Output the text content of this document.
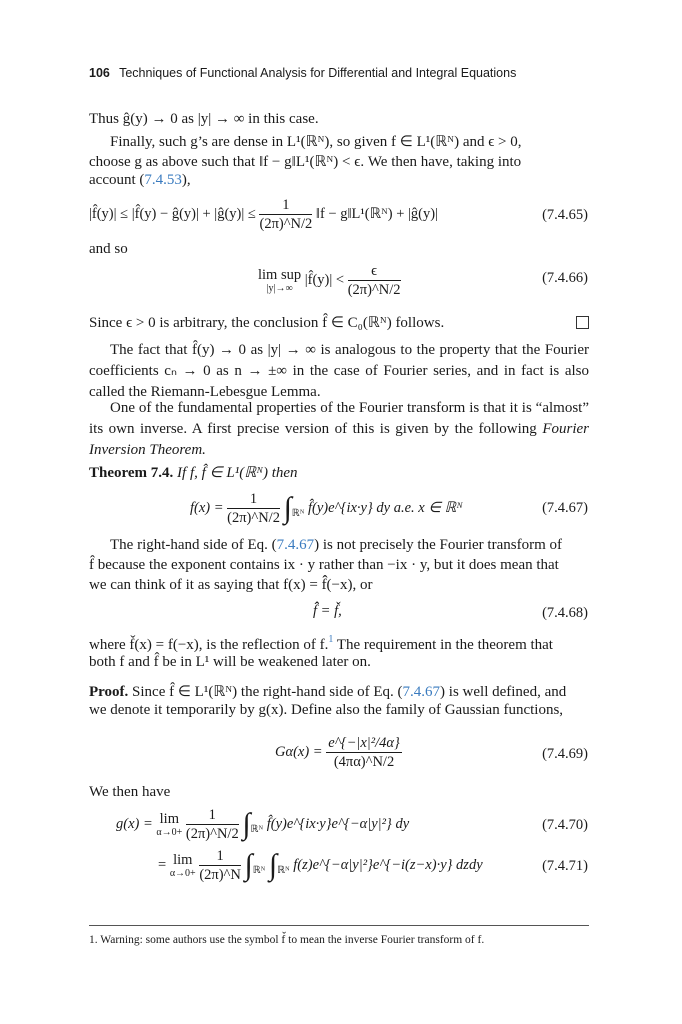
106 Techniques of Functional Analysis for Differential and Integral Equations
Thus ĝ(y) → 0 as |y| → ∞ in this case.
Finally, such g’s are dense in L¹(ℝᴺ), so given f ∈ L¹(ℝᴺ) and ϵ > 0,
choose g as above such that ‖f − g‖L¹(ℝᴺ) < ϵ. We then have, taking into
account (7.4.53),
|f̂(y)| ≤ |f̂(y) − ĝ(y)| + |ĝ(y)| ≤ $\frac{1}{(2\pi)\^{}N/2}$ ‖f − g‖L¹(ℝᴺ) + |ĝ(y)|	(7.4.65)
and so
lim sup
|y|→∞
|f̂(y)| < $\frac{\epsilon}{(2\pi)\^{}N/2}$	(7.4.66)
Since ϵ > 0 is arbitrary, the conclusion f̂ ∈ C₀(ℝᴺ) follows.
The fact that f̂(y) → 0 as |y| → ∞ is analogous to the property that the Fourier coefficients cₙ → 0 as n → ±∞ in the case of Fourier series, and in fact is also called the Riemann-Lebesgue Lemma.
One of the fundamental properties of the Fourier transform is that it is “almost” its own inverse. A first precise version of this is given by the following Fourier Inversion Theorem.
Theorem 7.4. If f, f̂ ∈ L¹(ℝᴺ) then
$f(x) = \frac{1}{(2\pi)\^{}N/2} \int_{ℝᴺ}$ f̂(y)e^{ix·y} dy a.e. x ∈ ℝᴺ	(7.4.67)
The right-hand side of Eq. (7.4.67) is not precisely the Fourier transform of
f̂ because the exponent contains ix · y rather than −ix · y, but it does mean that
we can think of it as saying that f(x) = f̂̂(−x), or
f̂̂ = f̌,	(7.4.68)
where f̌(x) = f(−x), is the reflection of f.$^1$ The requirement in the theorem that
both f and f̂ be in L¹ will be weakened later on.
Proof. Since f̂ ∈ L¹(ℝᴺ) the right-hand side of Eq. (7.4.67) is well defined, and
we denote it temporarily by g(x). Define also the family of Gaussian functions,
$G\alpha(x) = \frac{\text{e\textasciicircum{}\{−|x|²/4α\}}}{(4\pi\alpha)\^{}N/2}$	(7.4.69)
We then have
g(x) = lim
α→0+
$\frac{1}{(2\pi)\^{}N/2} \int_{ℝᴺ}$ f̂(y)e^{ix·y}e^{−α|y|²} dy	(7.4.70)
= lim
α→0+
$\frac{1}{(2\pi)\^{}N} \int_{ℝᴺ}$ $\int_{ℝᴺ}$ f(z)e^{−α|y|²}e^{−i(z−x)·y} dzdy	(7.4.71)
1. Warning: some authors use the symbol f̌ to mean the inverse Fourier transform of f.
